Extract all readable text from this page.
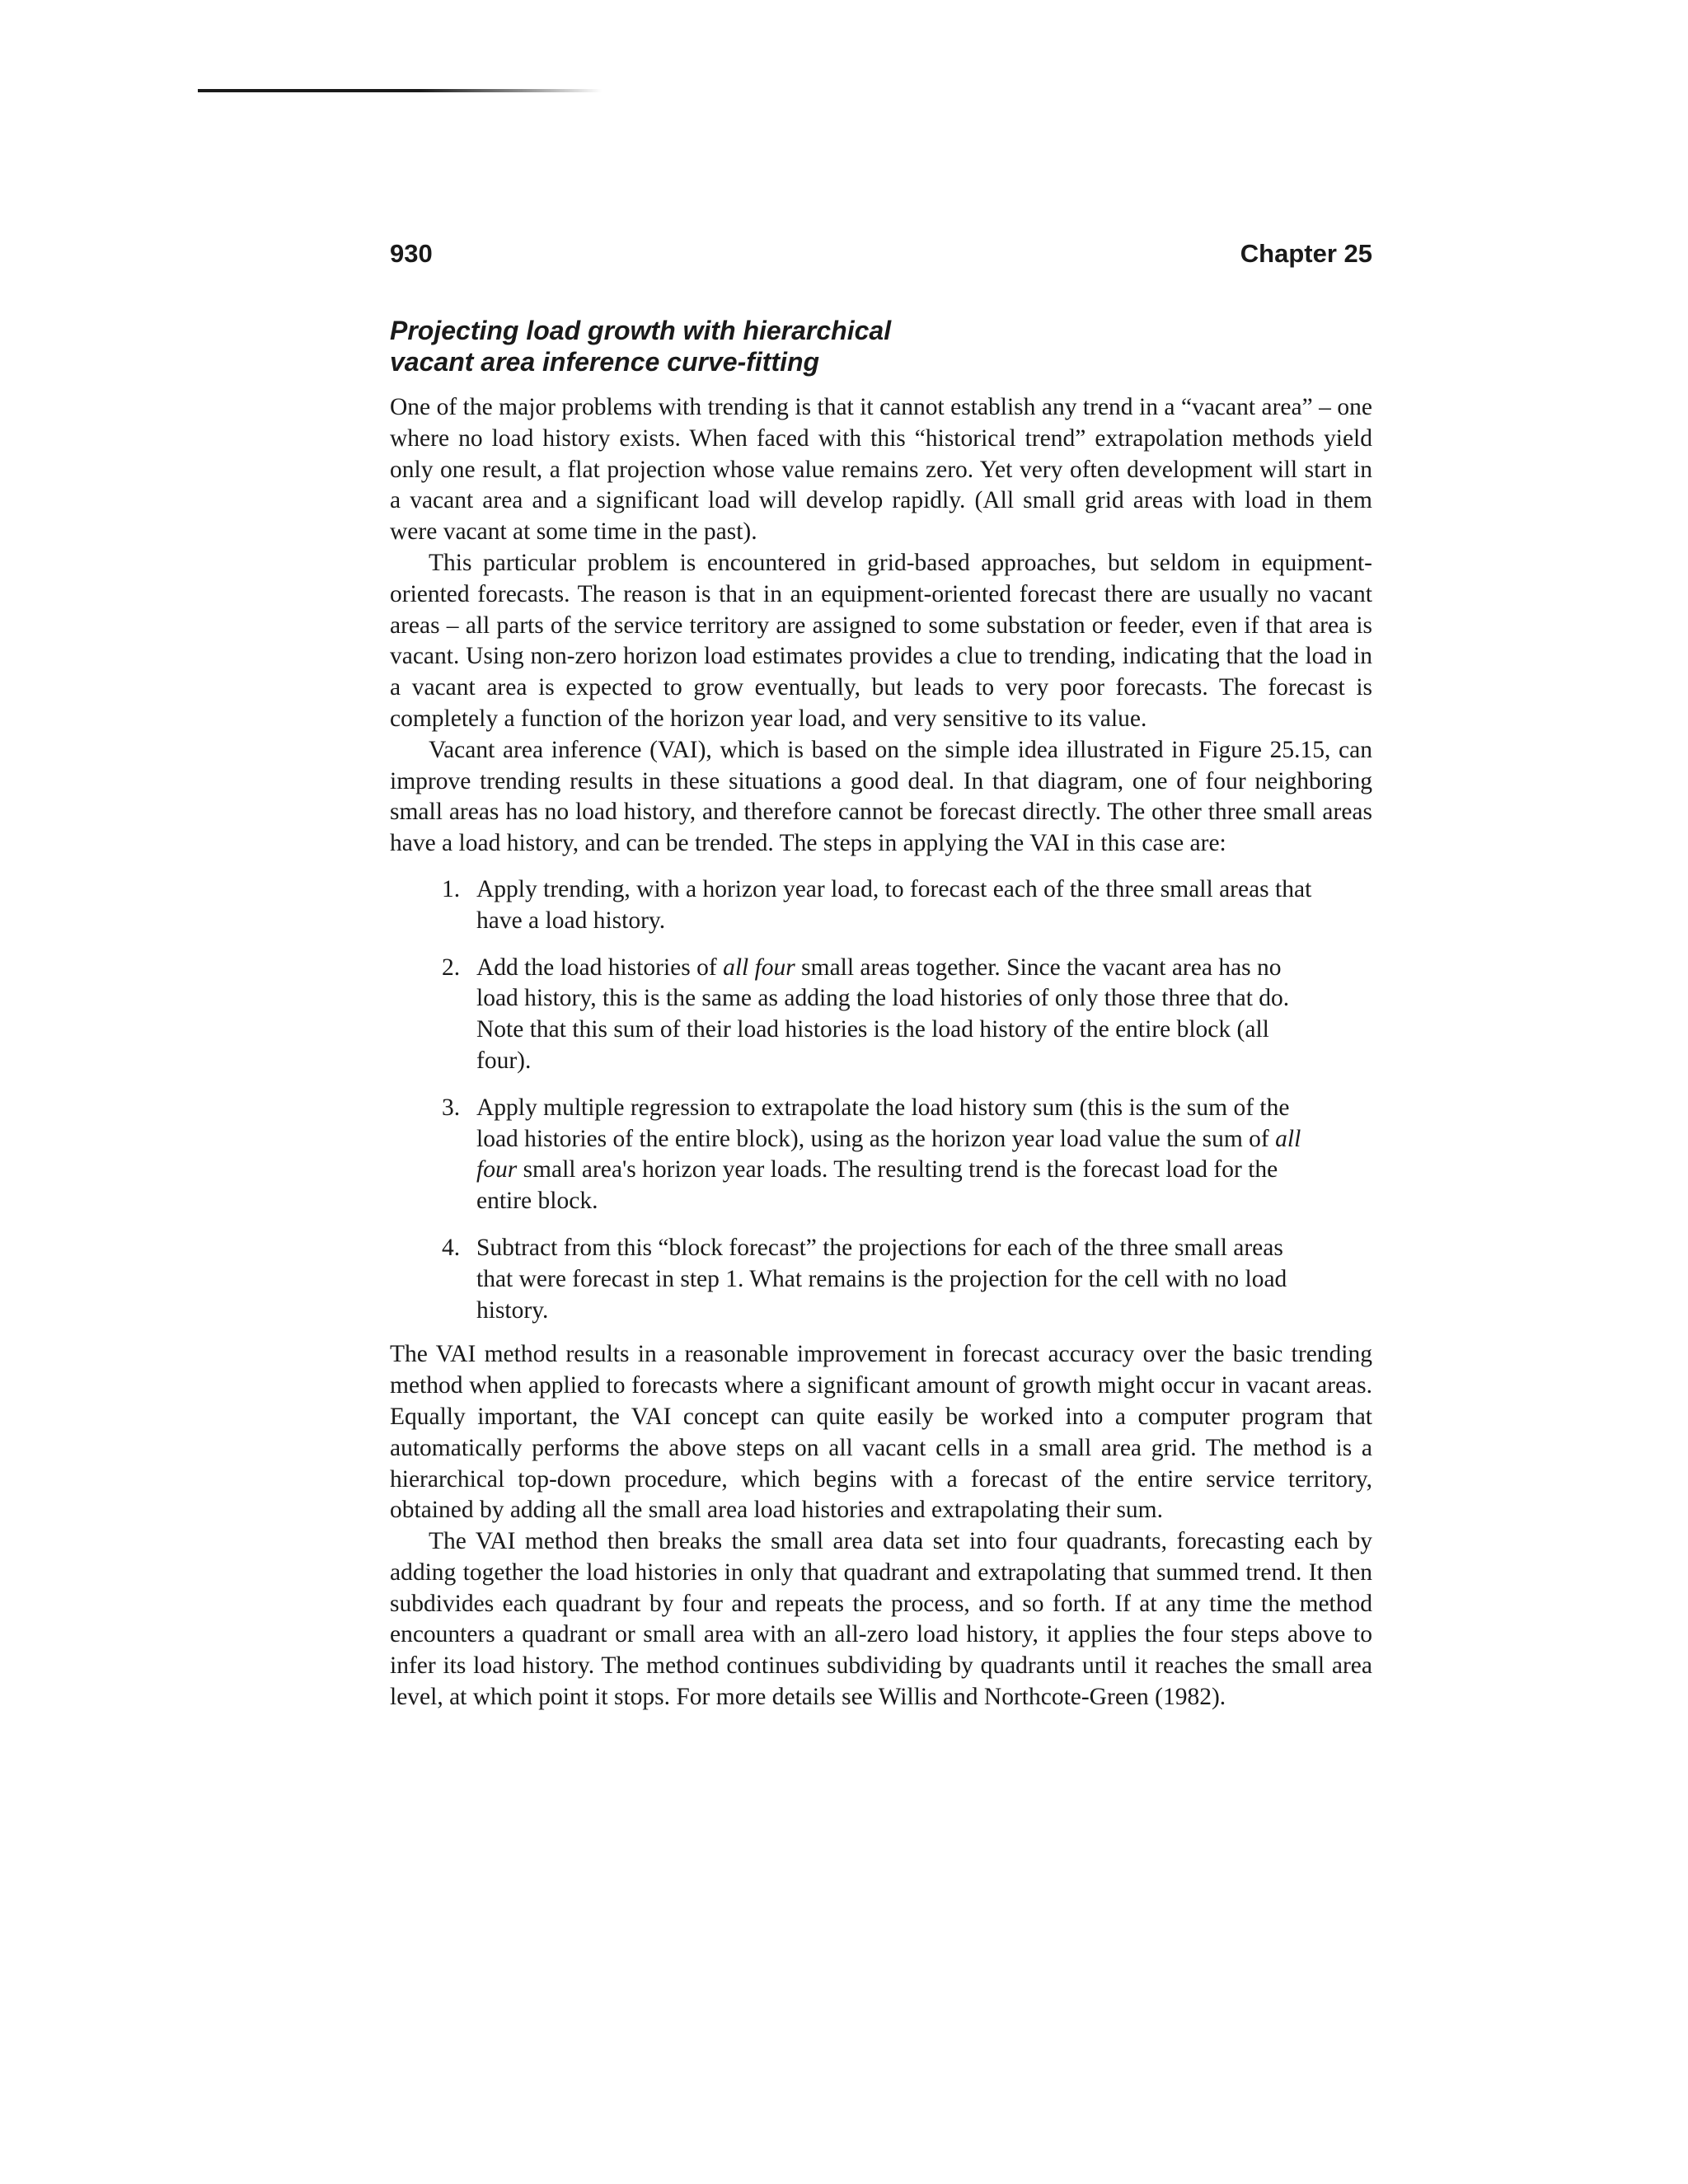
930	Chapter 25
Projecting load growth with hierarchical
vacant area inference curve-fitting

One of the major problems with trending is that it cannot establish any trend in a “vacant area” – one where no load history exists. When faced with this “historical trend” extrapolation methods yield only one result, a flat projection whose value remains zero. Yet very often development will start in a vacant area and a significant load will develop rapidly. (All small grid areas with load in them were vacant at some time in the past).

This particular problem is encountered in grid-based approaches, but seldom in equipment-oriented forecasts. The reason is that in an equipment-oriented forecast there are usually no vacant areas – all parts of the service territory are assigned to some substation or feeder, even if that area is vacant. Using non-zero horizon load estimates provides a clue to trending, indicating that the load in a vacant area is expected to grow eventually, but leads to very poor forecasts. The forecast is completely a function of the horizon year load, and very sensitive to its value.

Vacant area inference (VAI), which is based on the simple idea illustrated in Figure 25.15, can improve trending results in these situations a good deal. In that diagram, one of four neighboring small areas has no load history, and therefore cannot be forecast directly. The other three small areas have a load history, and can be trended. The steps in applying the VAI in this case are:

1. Apply trending, with a horizon year load, to forecast each of the three small areas that have a load history.
2. Add the load histories of all four small areas together. Since the vacant area has no load history, this is the same as adding the load histories of only those three that do. Note that this sum of their load histories is the load history of the entire block (all four).
3. Apply multiple regression to extrapolate the load history sum (this is the sum of the load histories of the entire block), using as the horizon year load value the sum of all four small area's horizon year loads. The resulting trend is the forecast load for the entire block.
4. Subtract from this “block forecast” the projections for each of the three small areas that were forecast in step 1. What remains is the projection for the cell with no load history.

The VAI method results in a reasonable improvement in forecast accuracy over the basic trending method when applied to forecasts where a significant amount of growth might occur in vacant areas. Equally important, the VAI concept can quite easily be worked into a computer program that automatically performs the above steps on all vacant cells in a small area grid. The method is a hierarchical top-down procedure, which begins with a forecast of the entire service territory, obtained by adding all the small area load histories and extrapolating their sum.

The VAI method then breaks the small area data set into four quadrants, forecasting each by adding together the load histories in only that quadrant and extrapolating that summed trend. It then subdivides each quadrant by four and repeats the process, and so forth. If at any time the method encounters a quadrant or small area with an all-zero load history, it applies the four steps above to infer its load history. The method continues subdividing by quadrants until it reaches the small area level, at which point it stops. For more details see Willis and Northcote-Green (1982).
